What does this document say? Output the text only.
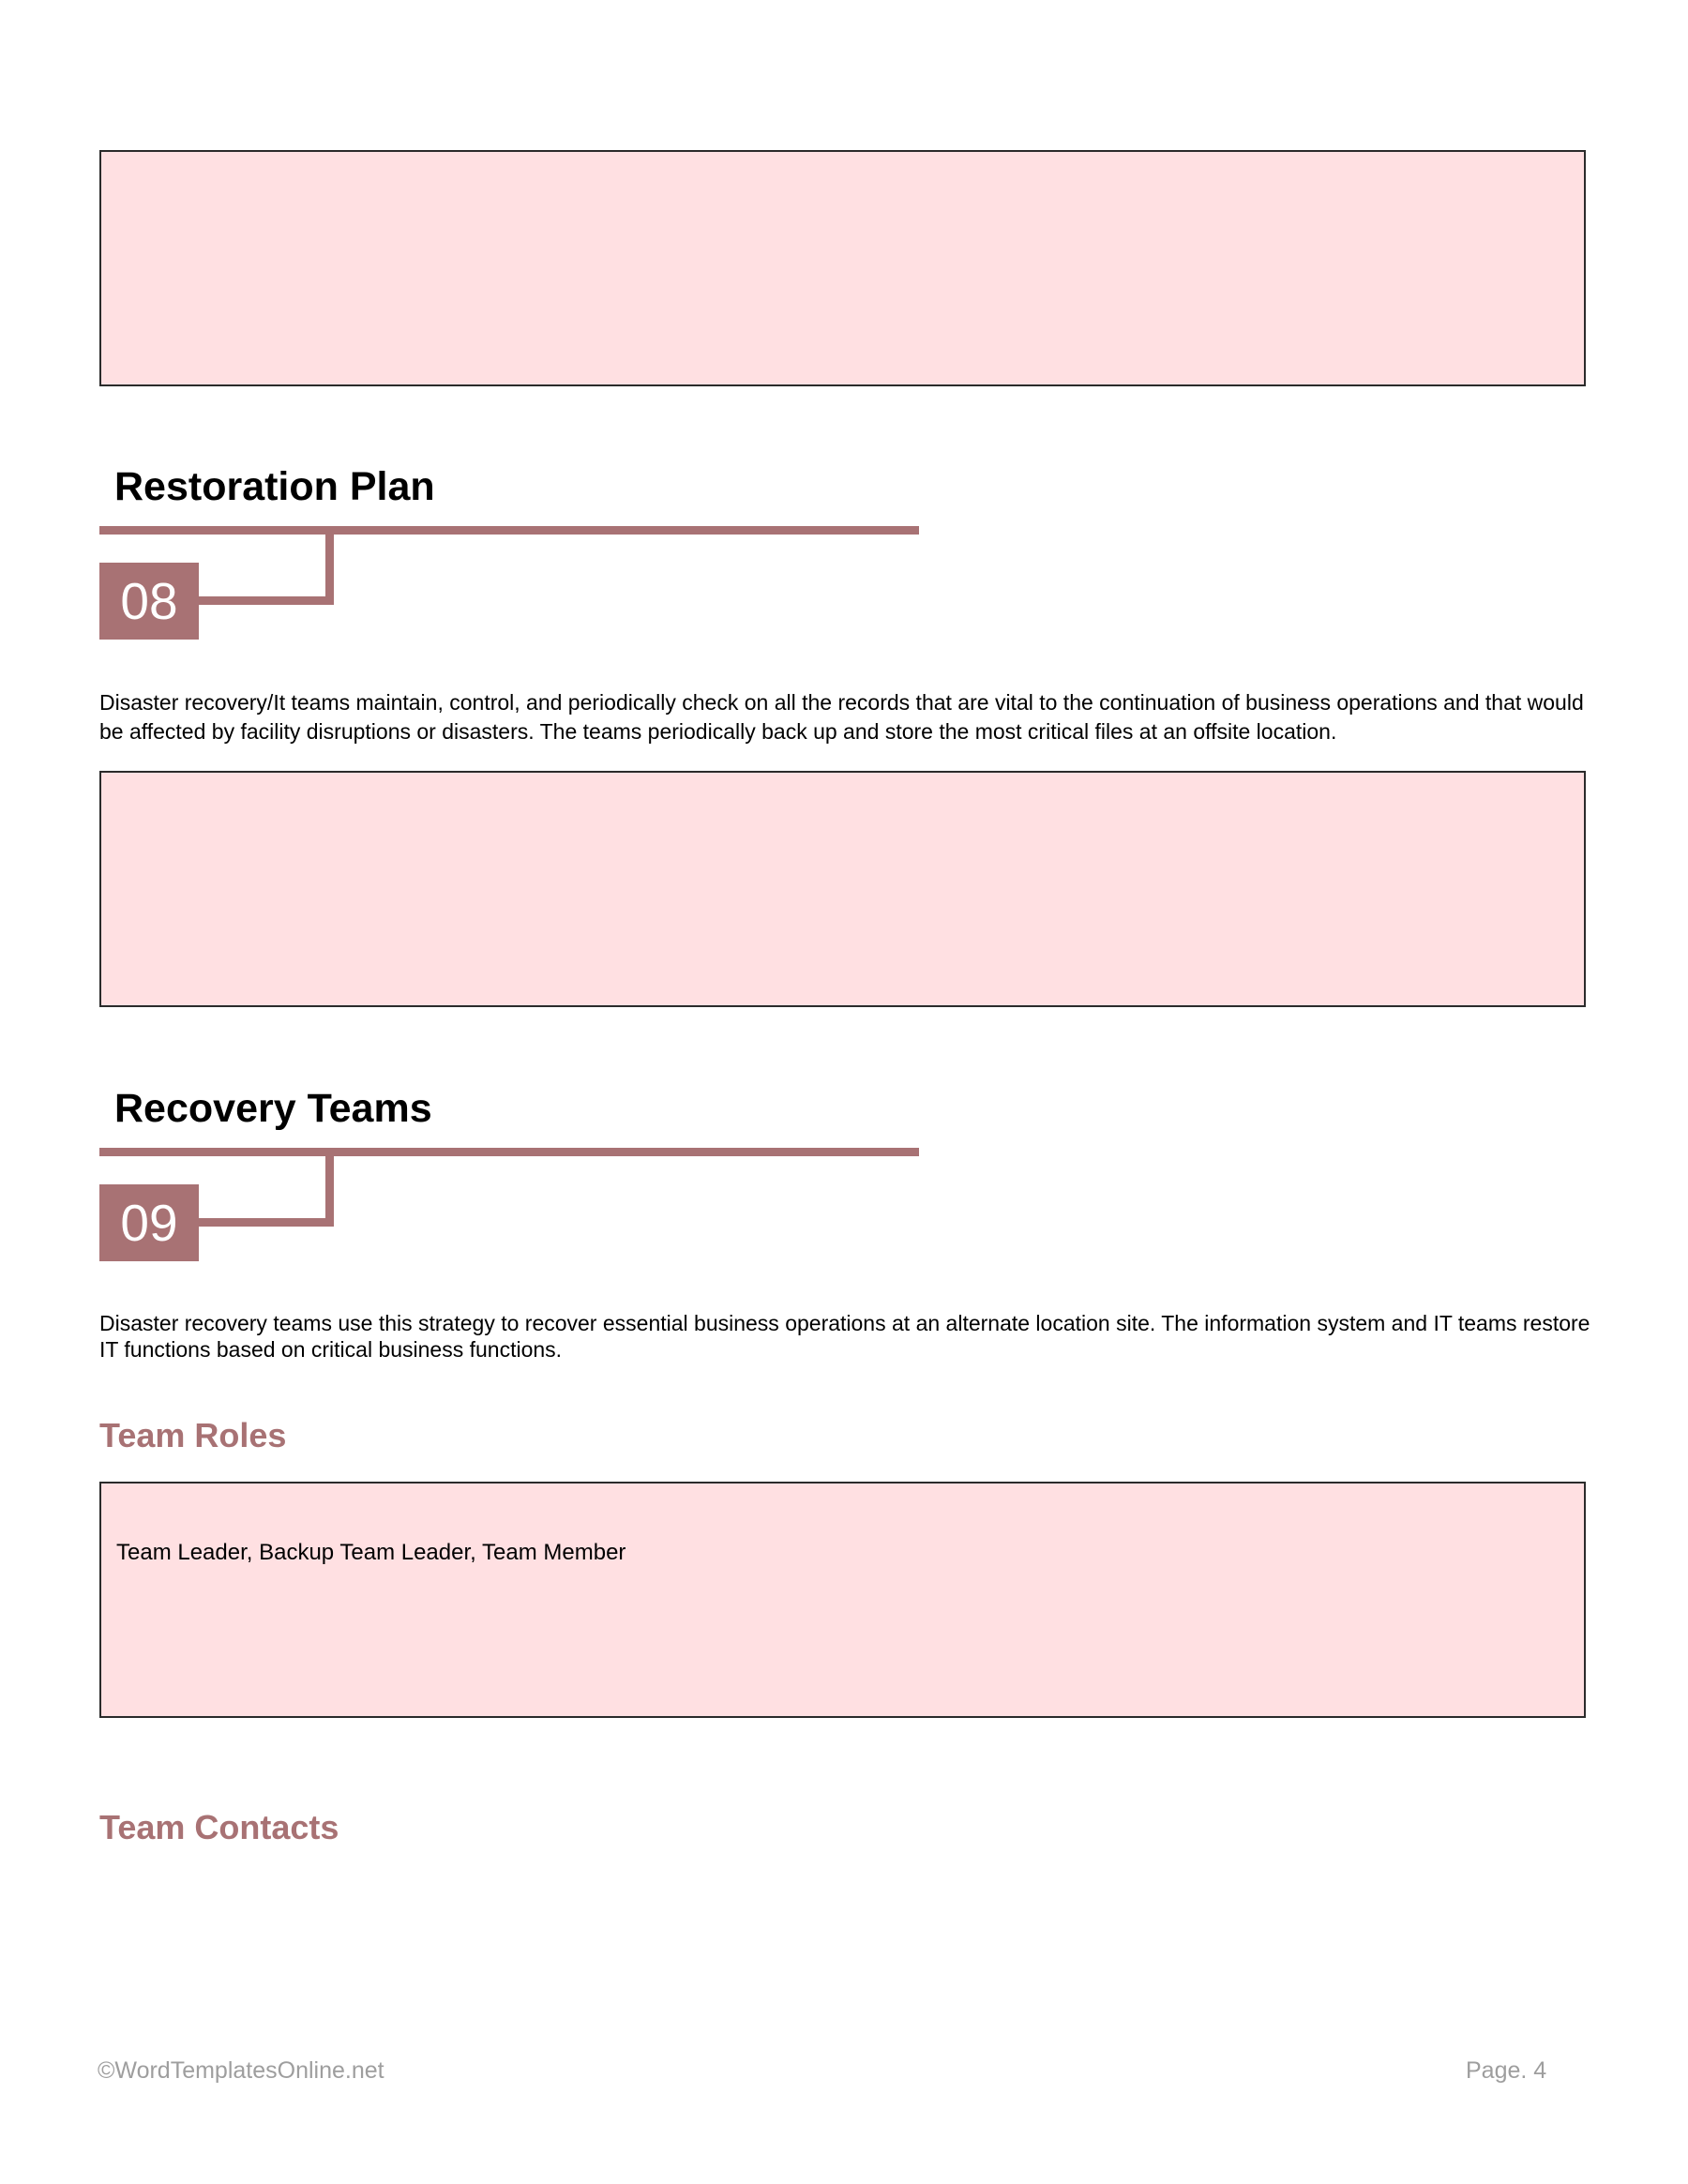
Restoration Plan
08

Disaster recovery/It teams maintain, control, and periodically check on all the records that are vital to the continuation of business operations and that would be affected by facility disruptions or disasters. The teams periodically back up and store the most critical files at an offsite location.

Recovery Teams
09

Disaster recovery teams use this strategy to recover essential business operations at an alternate location site. The information system and IT teams restore IT functions based on critical business functions.

Team Roles
Team Leader, Backup Team Leader, Team Member
Team Contacts
©WordTemplatesOnline.net	Page. 4
